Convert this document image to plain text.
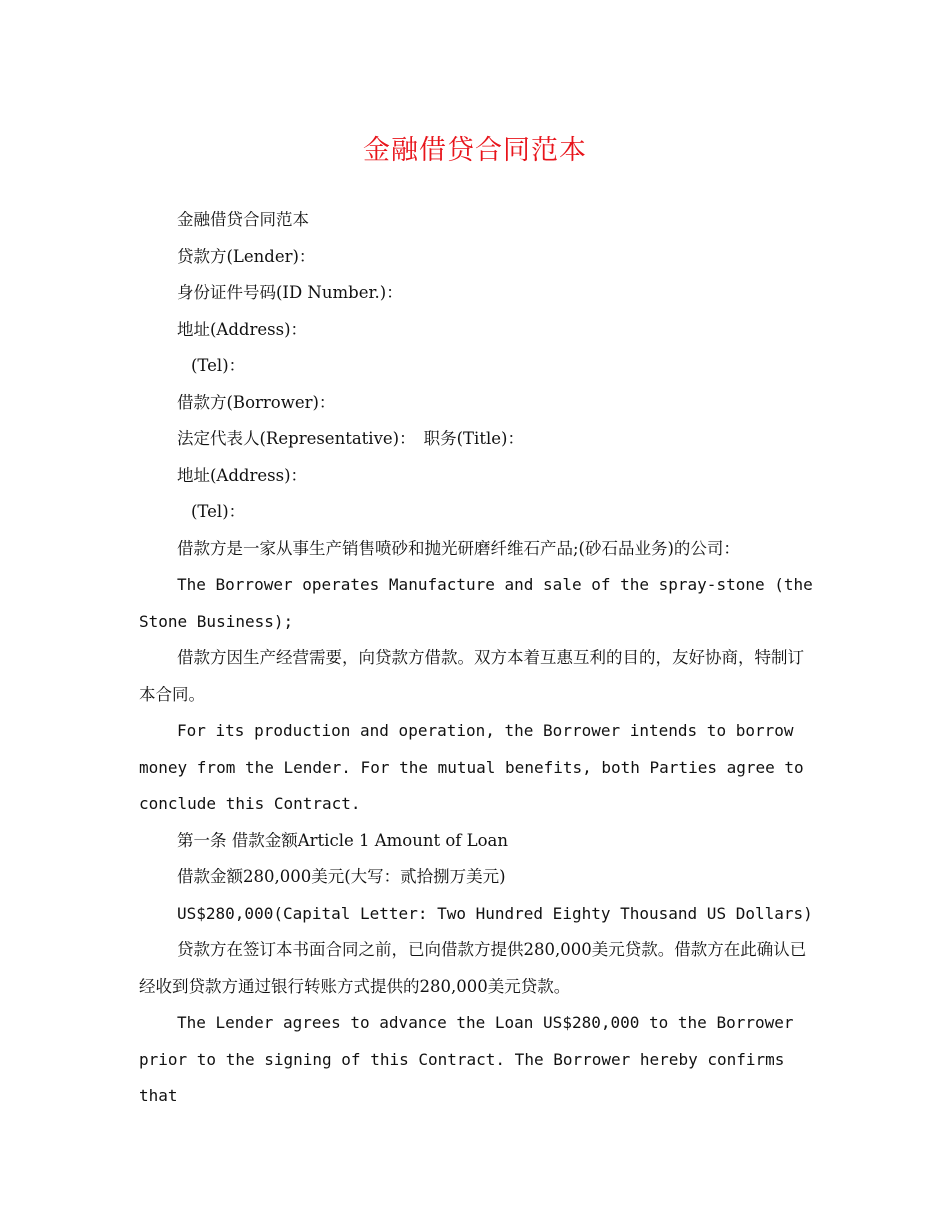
金融借贷合同范本

金融借贷合同范本

贷款方(Lender)：

身份证件号码(ID Number.)：

地址(Address)：

(Tel)：

借款方(Borrower)：

法定代表人(Representative)： 职务(Title)：

地址(Address)：

(Tel)：

借款方是一家从事生产销售喷砂和抛光研磨纤维石产品;(砂石品业务)的公司：

The Borrower operates Manufacture and sale of the spray-stone (the Stone Business);

借款方因生产经营需要，向贷款方借款。双方本着互惠互利的目的，友好协商，特制订本合同。

For its production and operation, the Borrower intends to borrow money from the Lender. For the mutual benefits, both Parties agree to conclude this Contract.

第一条 借款金额Article 1 Amount of Loan

借款金额280,000美元(大写：贰拾捌万美元)

US$280,000(Capital Letter: Two Hundred Eighty Thousand US Dollars)

贷款方在签订本书面合同之前，已向借款方提供280,000美元贷款。借款方在此确认已经收到贷款方通过银行转账方式提供的280,000美元贷款。

The Lender agrees to advance the Loan US$280,000 to the Borrower prior to the signing of this Contract. The Borrower hereby confirms that
